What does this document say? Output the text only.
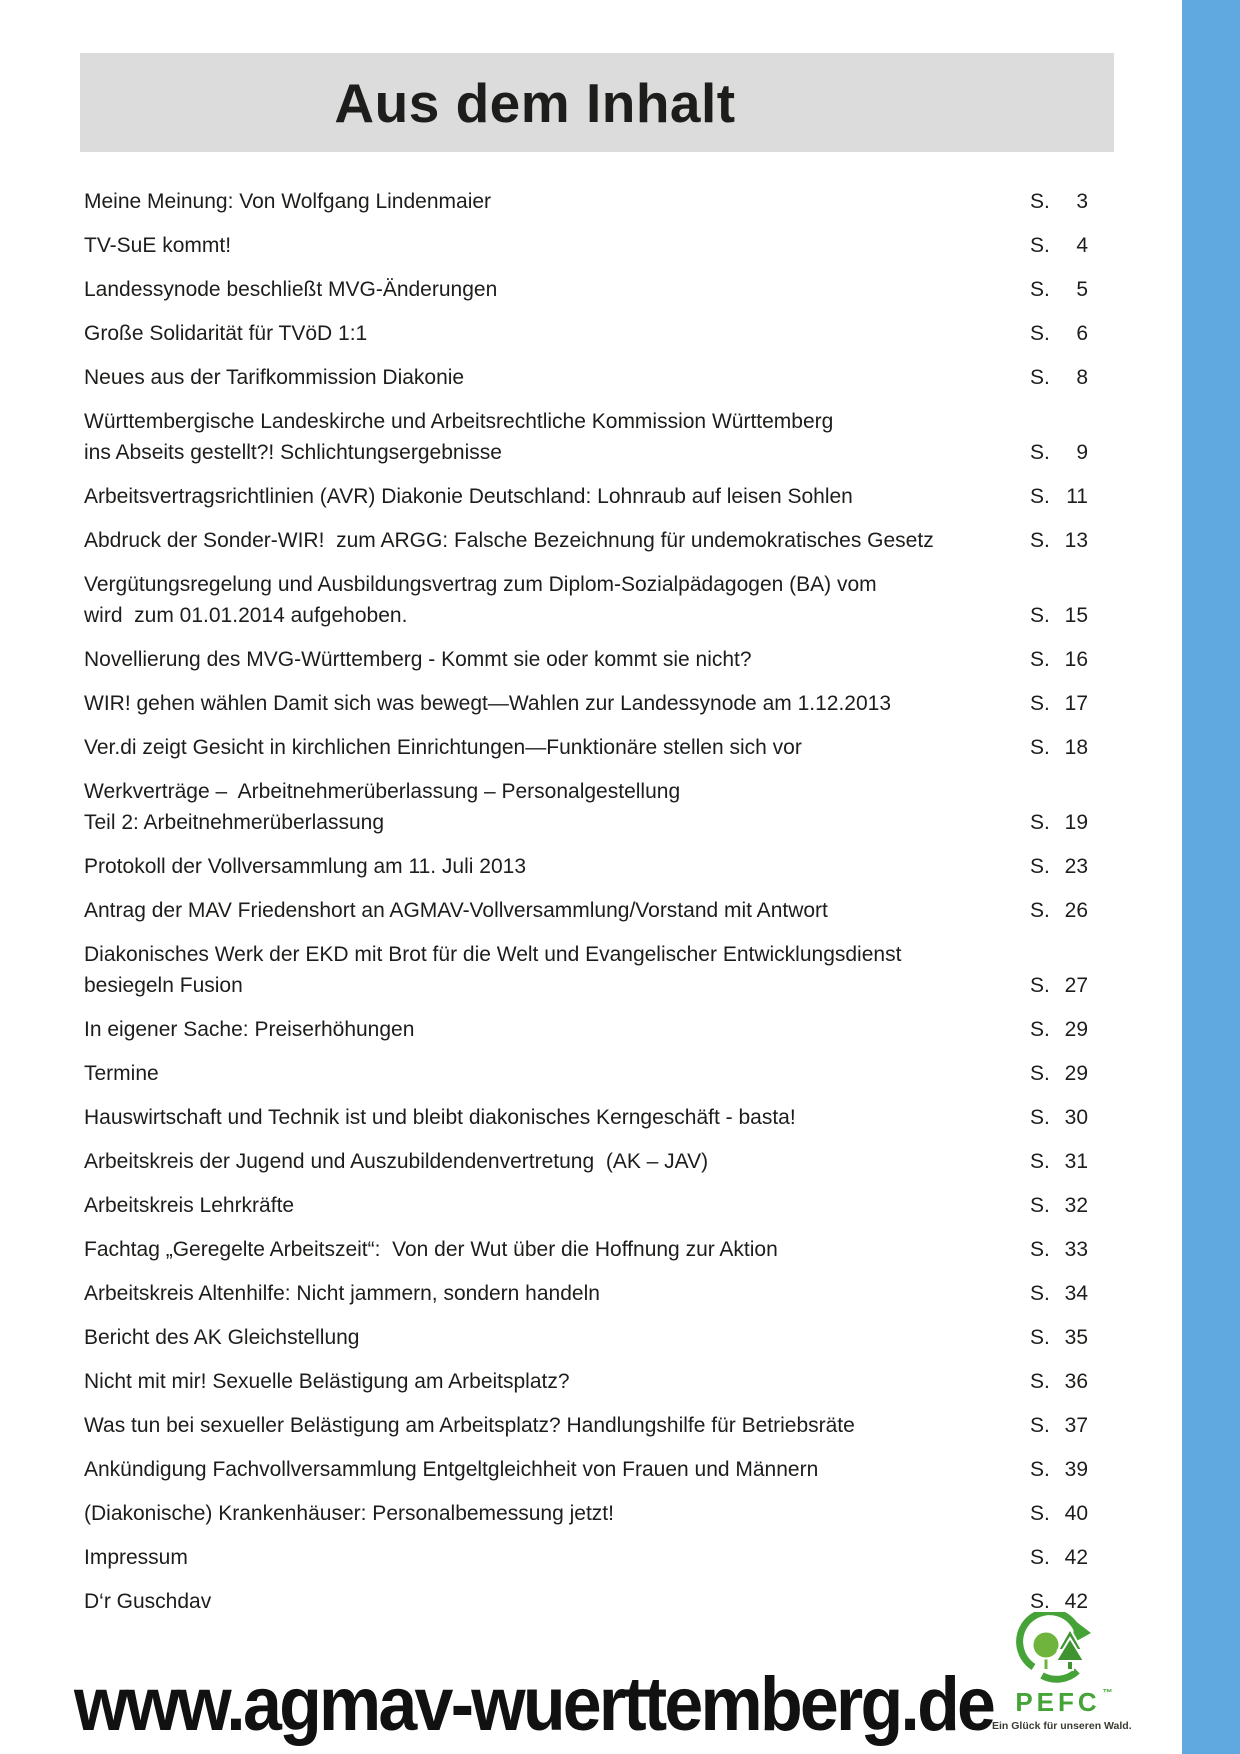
Aus dem Inhalt
Meine Meinung: Von Wolfgang Lindenmaier	S. 3
TV-SuE kommt!	S. 4
Landessynode beschließt MVG-Änderungen	S. 5
Große Solidarität für TVöD 1:1	S. 6
Neues aus der Tarifkommission Diakonie	S. 8
Württembergische Landeskirche und Arbeitsrechtliche Kommission Württemberg
ins Abseits gestellt?! Schlichtungsergebnisse	S. 9
Arbeitsvertragsrichtlinien (AVR) Diakonie Deutschland: Lohnraub auf leisen Sohlen	S. 11
Abdruck der Sonder-WIR!  zum ARGG: Falsche Bezeichnung für undemokratisches Gesetz	S. 13
Vergütungsregelung und Ausbildungsvertrag zum Diplom-Sozialpädagogen (BA) vom
wird  zum 01.01.2014 aufgehoben.	S. 15
Novellierung des MVG-Württemberg - Kommt sie oder kommt sie nicht?	S. 16
WIR! gehen wählen Damit sich was bewegt—Wahlen zur Landessynode am 1.12.2013	S. 17
Ver.di zeigt Gesicht in kirchlichen Einrichtungen—Funktionäre stellen sich vor	S. 18
Werkverträge –  Arbeitnehmerüberlassung – Personalgestellung
Teil 2: Arbeitnehmerüberlassung	S. 19
Protokoll der Vollversammlung am 11. Juli 2013	S. 23
Antrag der MAV Friedenshort an AGMAV-Vollversammlung/Vorstand mit Antwort	S. 26
Diakonisches Werk der EKD mit Brot für die Welt und Evangelischer Entwicklungsdienst
besiegeln Fusion	S. 27
In eigener Sache: Preiserhöhungen	S. 29
Termine	S. 29
Hauswirtschaft und Technik ist und bleibt diakonisches Kerngeschäft - basta!	S. 30
Arbeitskreis der Jugend und Auszubildendenvertretung  (AK – JAV)	S. 31
Arbeitskreis Lehrkräfte	S. 32
Fachtag „Geregelte Arbeitszeit“:  Von der Wut über die Hoffnung zur Aktion	S. 33
Arbeitskreis Altenhilfe: Nicht jammern, sondern handeln	S. 34
Bericht des AK Gleichstellung	S. 35
Nicht mit mir! Sexuelle Belästigung am Arbeitsplatz?	S. 36
Was tun bei sexueller Belästigung am Arbeitsplatz? Handlungshilfe für Betriebsräte	S. 37
Ankündigung Fachvollversammlung Entgeltgleichheit von Frauen und Männern	S. 39
(Diakonische) Krankenhäuser: Personalbemessung jetzt!	S. 40
Impressum	S. 42
D‘r Guschdav	S. 42
www.agmav-wuerttemberg.de PEFC ™
Ein Glück für unseren Wald.
